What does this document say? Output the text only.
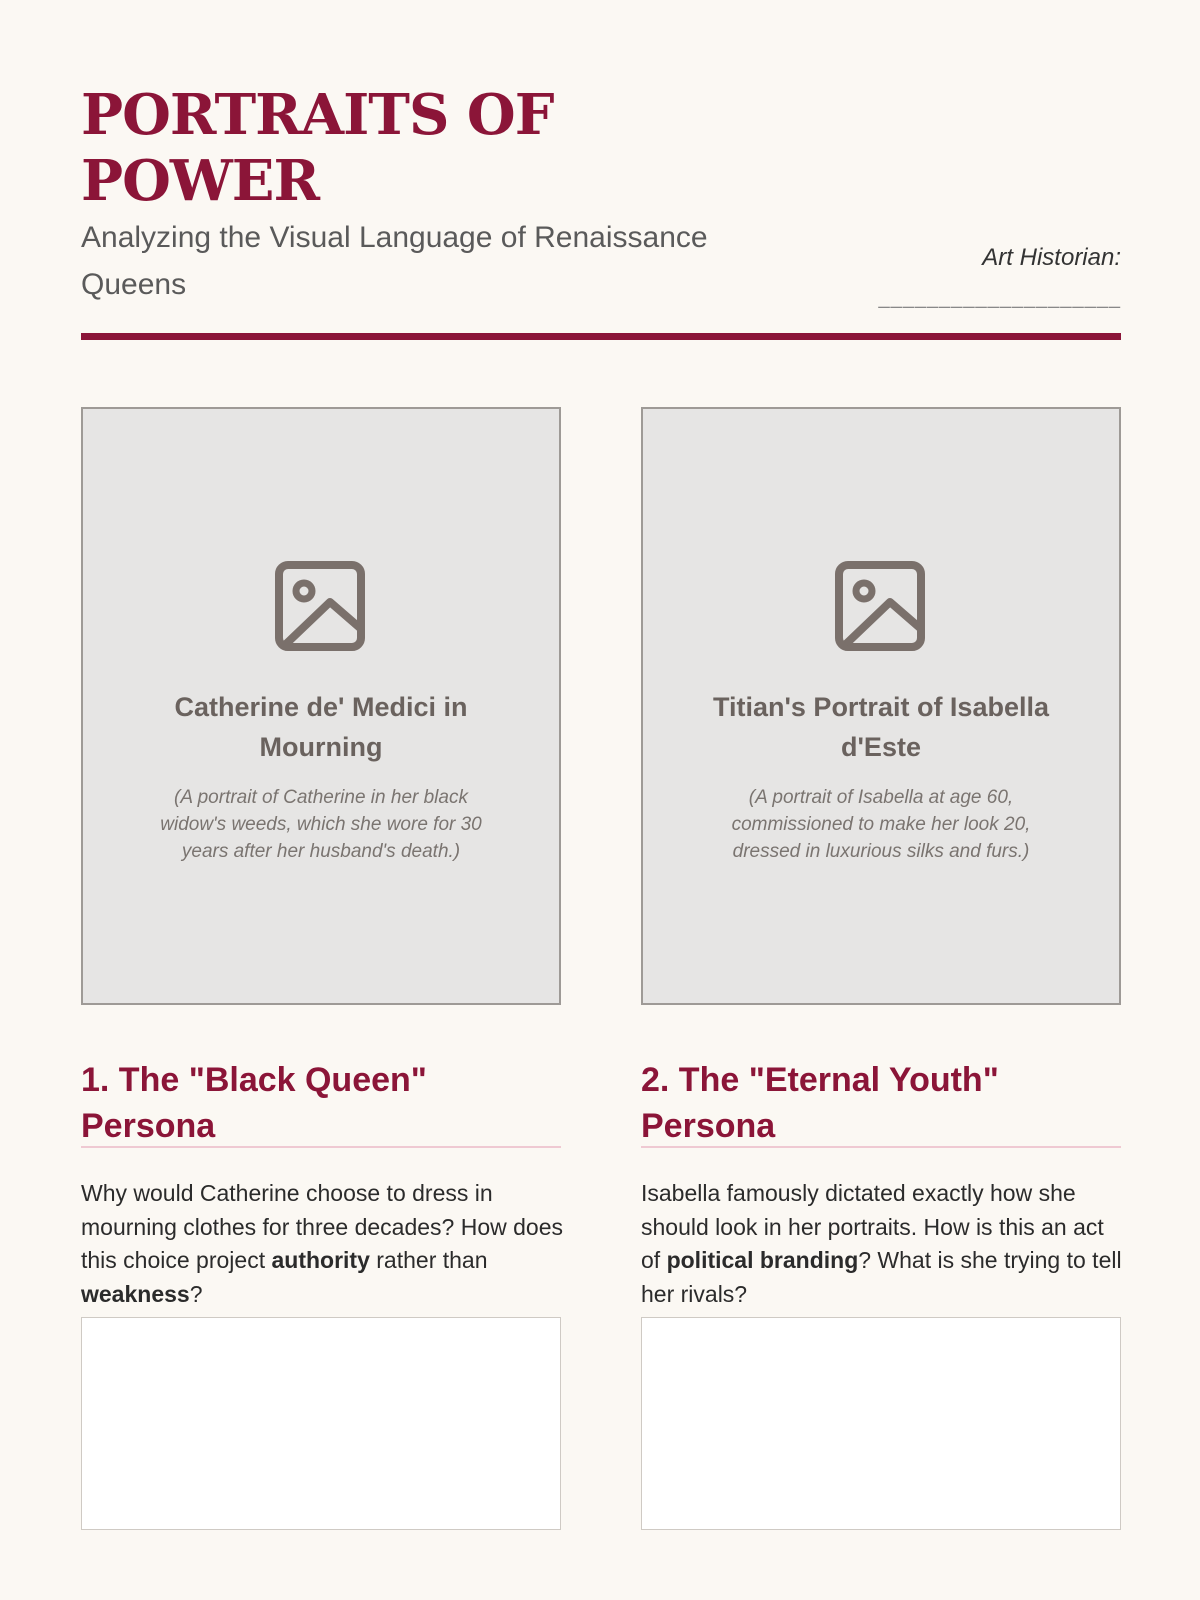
PORTRAITS OF POWER

Analyzing the Visual Language of Renaissance Queens

Art Historian:
____________________
Catherine de' Medici in Mourning
(A portrait of Catherine in her black widow's weeds, which she wore for 30 years after her husband's death.)
1. The "Black Queen" Persona

Why would Catherine choose to dress in mourning clothes for three decades? How does this choice project authority rather than weakness?

Titian's Portrait of Isabella d'Este
(A portrait of Isabella at age 60, commissioned to make her look 20, dressed in luxurious silks and furs.)
2. The "Eternal Youth" Persona

Isabella famously dictated exactly how she should look in her portraits. How is this an act of political branding? What is she trying to tell her rivals?
